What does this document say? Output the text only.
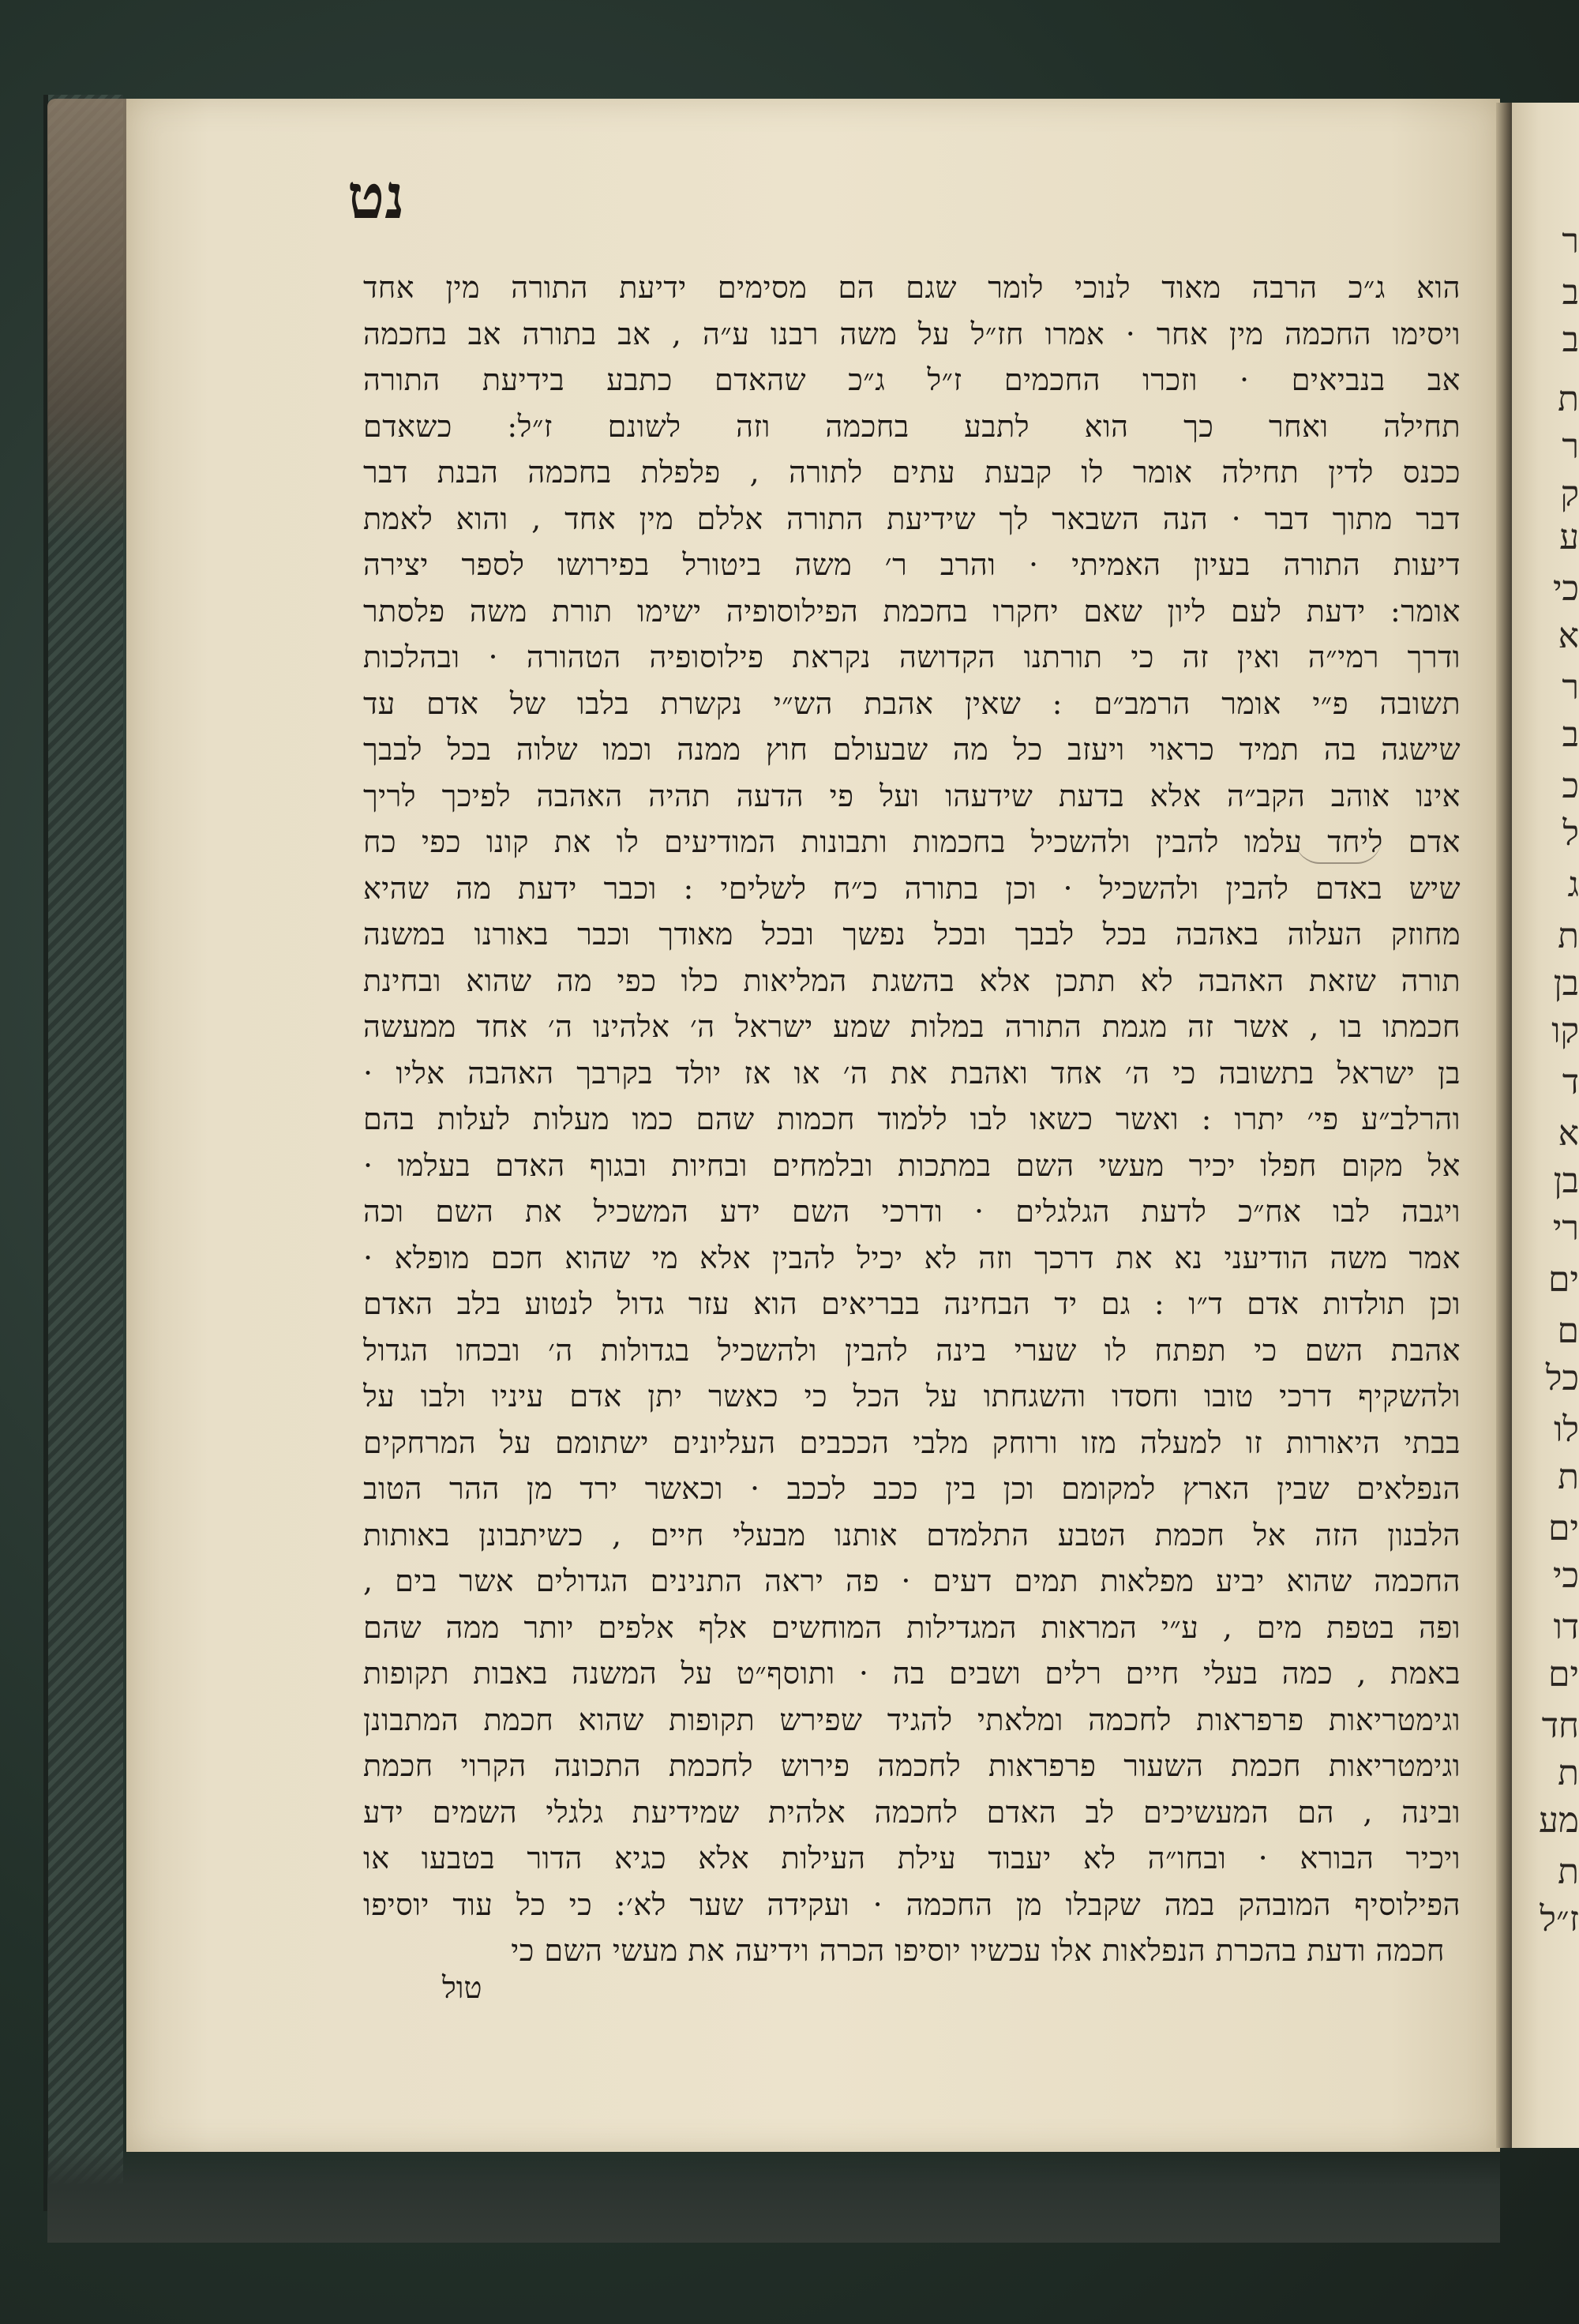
ר
ב
ב
ת
ר
ק
ע
כי
א
ר
ב
כ
ל
ג
ת
בן
קו
ד
א
בן
רי
ים
ם
כל
לו
ת
ים
כי
דו
ים
חד
ת
מע
ת
ז״ל
נט
הוא ג״כ הרבה מאוד לנוכי לומר שגם הם מסימים ידיעת התורה מין אחד
ויסימו החכמה מין אחר · אמרו חז״ל על משה רבנו ע״ה , אב בתורה אב בחכמה
אב בנביאים · וזכרו החכמים ז״ל ג״כ שהאדם כתבע בידיעת התורה
תחילה ואחר כך הוא לתבע בחכמה וזה לשונם ז״ל: כשאדם
ככנס לדין תחילה אומר לו קבעת עתים לתורה , פלפלת בחכמה הבנת דבר
דבר מתוך דבר · הנה השבאר לך שידיעת התורה אללם מין אחד , והוא לאמת
דיעות התורה בעיון האמיתי · והרב ר׳ משה ביטורל בפירושו לספר יצירה
אומר: ידעת לעם ליון שאם יחקרו בחכמת הפילוסופיה ישימו תורת משה פלסתר
ודרך רמי״ה ואין זה כי תורתנו הקדושה נקראת פילוסופיה הטהורה · ובהלכות
תשובה פ״י אומר הרמב״ם : שאין אהבת הש״י נקשרת בלבו של אדם עד
שישגה בה תמיד כראוי ויעזב כל מה שבעולם חוץ ממנה וכמו שלוה בכל לבבך
אינו אוהב הקב״ה אלא בדעת שידעהו ועל פי הדעה תהיה האהבה לפיכך לריך
אדם ליחד עלמו להבין ולהשכיל בחכמות ותבונות המודיעים לו את קונו כפי כח
שיש באדם להבין ולהשכיל · וכן בתורה כ״ח לשליםי : וכבר ידעת מה שהיא
מחוזק העלוה באהבה בכל לבבך ובכל נפשך ובכל מאודך וכבר באורנו במשנה
תורה שזאת האהבה לא תתכן אלא בהשגת המליאות כלו כפי מה שהוא ובחינת
חכמתו בו , אשר זה מגמת התורה במלות שמע ישראל ה׳ אלהינו ה׳ אחד ממעשה
בן ישראל בתשובה כי ה׳ אחד ואהבת את ה׳ או אז יולד בקרבך האהבה אליו ·
והרלב״ע פי׳ יתרו : ואשר כשאו לבו ללמוד חכמות שהם כמו מעלות לעלות בהם
אל מקום חפלו יכיר מעשי השם במתכות ובלמחים ובחיות ובגוף האדם בעלמו ·
ויגבה לבו אח״כ לדעת הגלגלים · ודרכי השם ידע המשכיל את השם וכה
אמר משה הודיעני נא את דרכך וזה לא יכיל להבין אלא מי שהוא חכם מופלא ·
וכן תולדות אדם ד״ו : גם יד הבחינה בבריאים הוא עזר גדול לנטוע בלב האדם
אהבת השם כי תפתח לו שערי בינה להבין ולהשכיל בגדולות ה׳ ובכחו הגדול
ולהשקיף דרכי טובו וחסדו והשגחתו על הכל כי כאשר יתן אדם עיניו ולבו על
בבתי היאורות זו למעלה מזו ורוחק מלבי הככבים העליונים ישתומם על המרחקים
הנפלאים שבין הארץ למקומם וכן בין ככב לככב · וכאשר ירד מן ההר הטוב
הלבנון הזה אל חכמת הטבע התלמדם אותנו מבעלי חיים , כשיתבונן באותות
החכמה שהוא יביע מפלאות תמים דעים · פה יראה התנינים הגדולים אשר בים ,
ופה בטפת מים , ע״י המראות המגדילות המוחשים אלף אלפים יותר ממה שהם
באמת , כמה בעלי חיים רלים ושבים בה · ותוסף״ט על המשנה באבות תקופות
וגימטריאות פרפראות לחכמה ומלאתי להגיד שפירש תקופות שהוא חכמת המתבונן
וגימטריאות חכמת השעור פרפראות לחכמה פירוש לחכמת התכונה הקרוי חכמת
ובינה , הם המעשיכים לב האדם לחכמה אלהית שמידיעת גלגלי השמים ידע
ויכיר הבורא · ובחו״ה לא יעבוד עילת העילות אלא כגיא הדור בטבעו או
הפילוסיף המובהק במה שקבלו מן החכמה · ועקידה שער לא׳: כי כל עוד יוסיפו
חכמה ודעת בהכרת הנפלאות אלו עכשיו יוסיפו הכרה וידיעה את מעשי השם כי
טול
